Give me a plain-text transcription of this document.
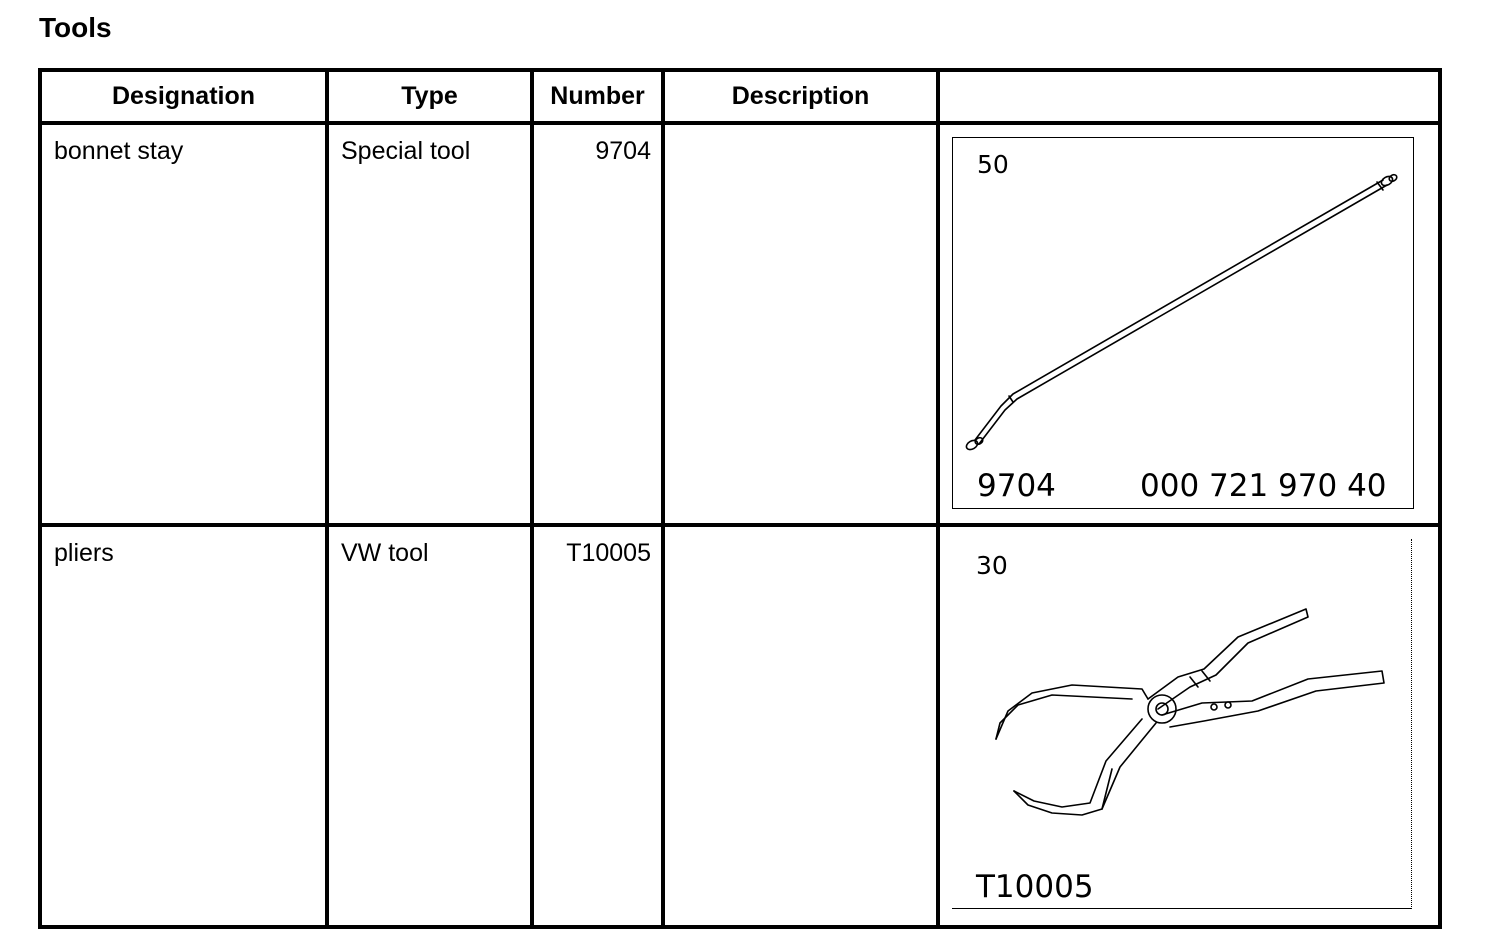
Tools
Designation	Type	Number	Description	
bonnet stay	Special tool	9704		50
9704 000 721 970 40

pliers	VW tool	T10005		30
T10005
